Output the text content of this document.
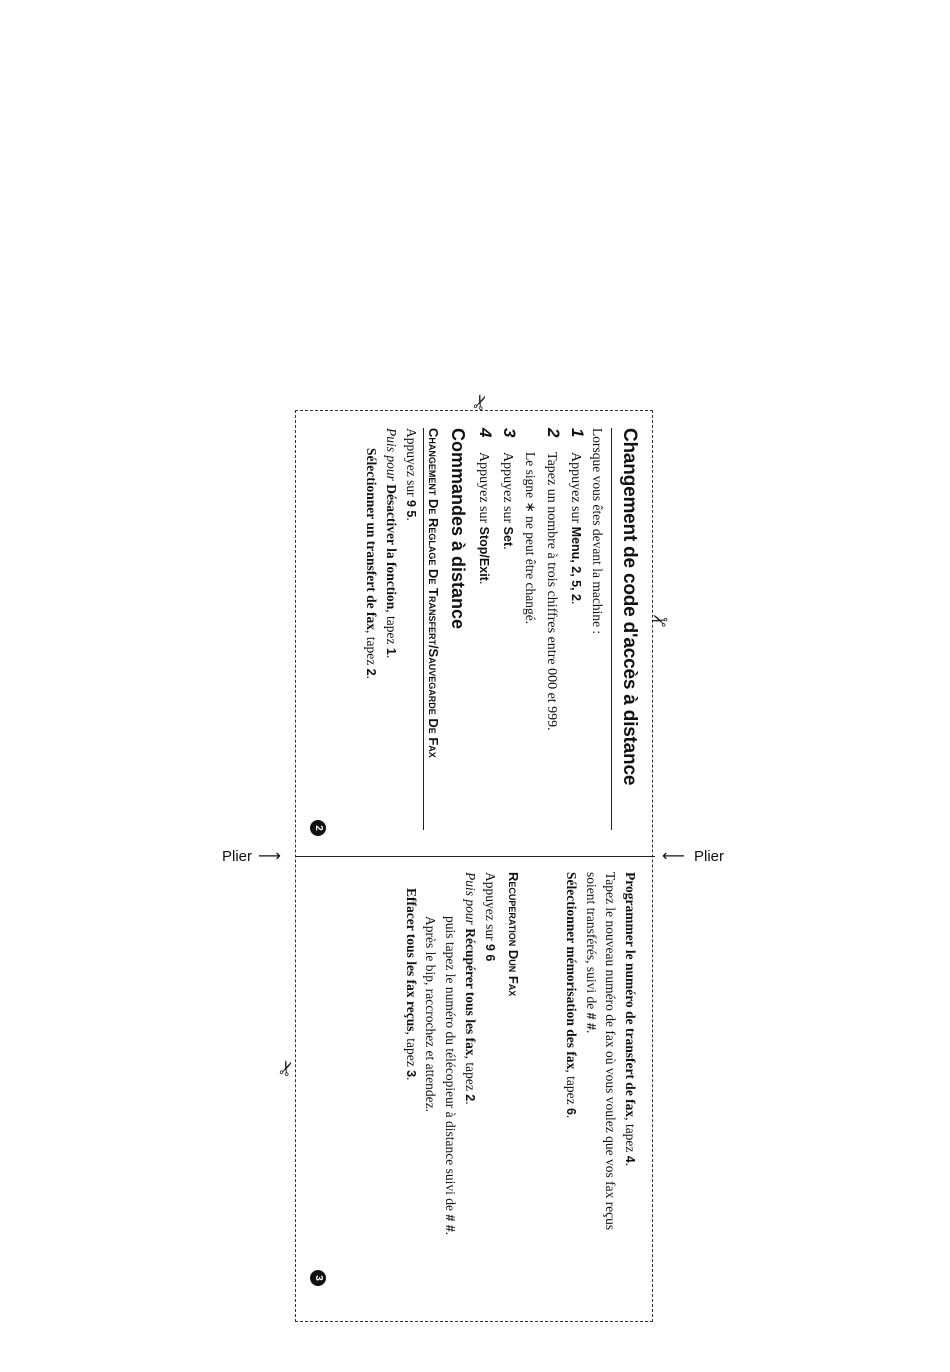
Plier ⟶	⟵ Plier
✂
✂
✂
Changement de code d'accès à distance
Lorsque vous êtes devant la machine :
1
Appuyez sur Menu, 2, 5, 2.
2
Tapez un nombre à trois chiffres entre 000 et 999.
Le signe ∗ ne peut être changé.
3
Appuyez sur Set.
4
Appuyez sur Stop/Exit.
Commandes à distance
Changement De Reglage De Transfert/Sauvegarde De Fax
Appuyez sur 9 5.
Puis pour Désactiver la fonction, tapez 1.
Sélectionner un transfert de fax, tapez 2.
Programmer le numéro de transfert de fax, tapez 4.
Tapez le nouveau numéro de fax où vous voulez que vos fax reçus
soient transférés, suivi de # #.
Sélectionner mémorisation des fax, tapez 6.
Recuperation Dun Fax
Appuyez sur 9 6
Puis pour Récupérer tous les fax, tapez 2.
puis tapez le numéro du télécopieur à distance suivi de # #.
Après le bip, raccrochez et attendez.
Effacer tous les fax reçus, tapez 3.
2
3
